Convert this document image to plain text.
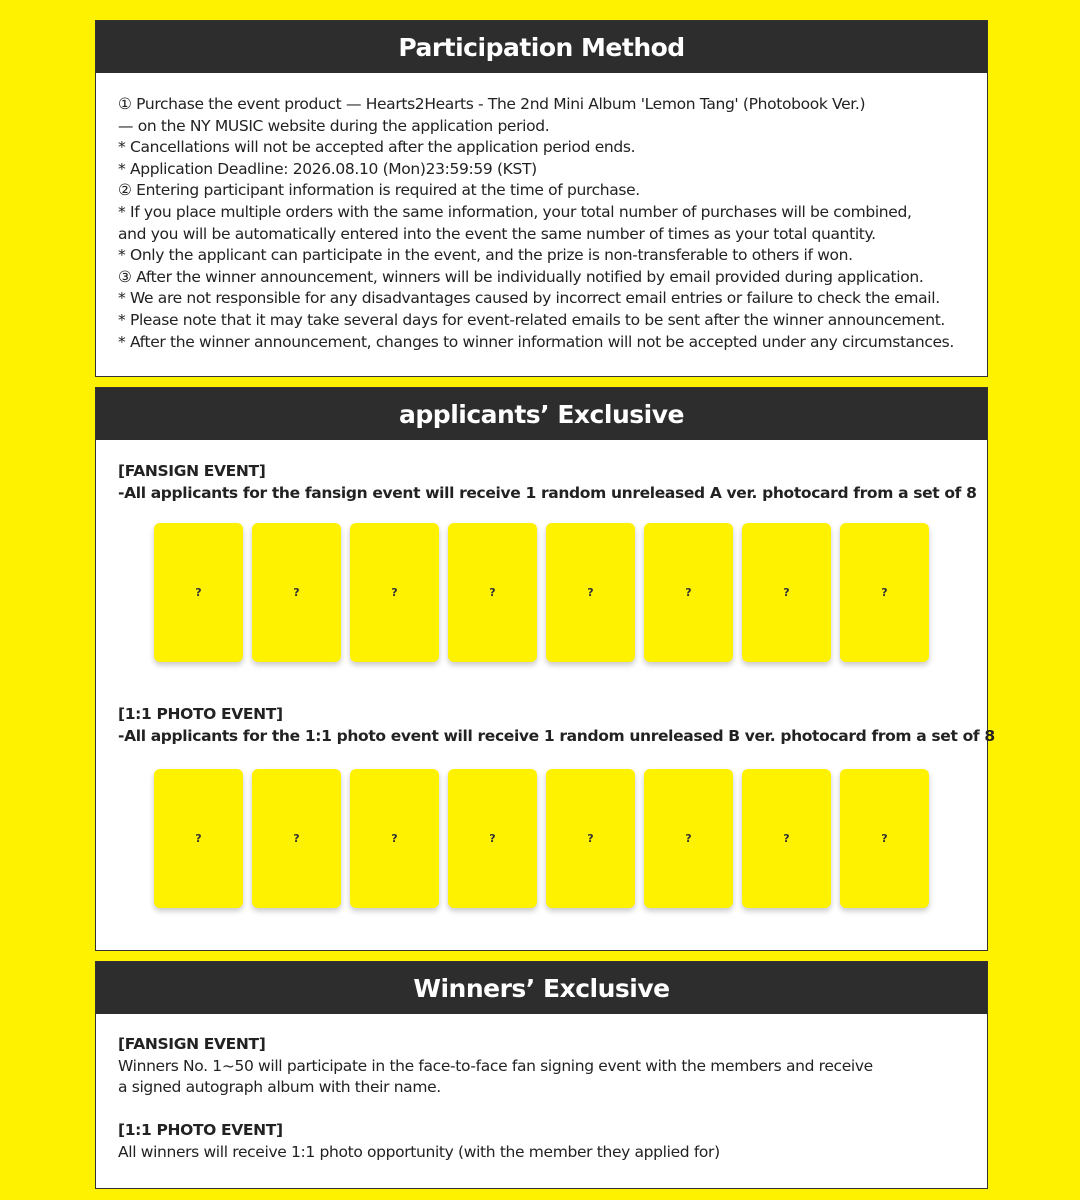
Participation Method
① Purchase the event product — Hearts2Hearts - The 2nd Mini Album 'Lemon Tang' (Photobook Ver.)
— on the NY MUSIC website during the application period.
* Cancellations will not be accepted after the application period ends.
* Application Deadline: 2026.08.10 (Mon)23:59:59 (KST)
② Entering participant information is required at the time of purchase.
* If you place multiple orders with the same information, your total number of purchases will be combined,
and you will be automatically entered into the event the same number of times as your total quantity.
* Only the applicant can participate in the event, and the prize is non-transferable to others if won.
③ After the winner announcement, winners will be individually notified by email provided during application.
* We are not responsible for any disadvantages caused by incorrect email entries or failure to check the email.
* Please note that it may take several days for event-related emails to be sent after the winner announcement.
* After the winner announcement, changes to winner information will not be accepted under any circumstances.
applicants’ Exclusive
[FANSIGN EVENT]
-All applicants for the fansign event will receive 1 random unreleased A ver. photocard from a set of 8
?	?	?	?	?	?	?	?
[1:1 PHOTO EVENT]
-All applicants for the 1:1 photo event will receive 1 random unreleased B ver. photocard from a set of 8
?	?	?	?	?	?	?	?
Winners’ Exclusive
[FANSIGN EVENT]
Winners No. 1~50 will participate in the face-to-face fan signing event with the members and receive
a signed autograph album with their name.
[1:1 PHOTO EVENT]
All winners will receive 1:1 photo opportunity (with the member they applied for)
